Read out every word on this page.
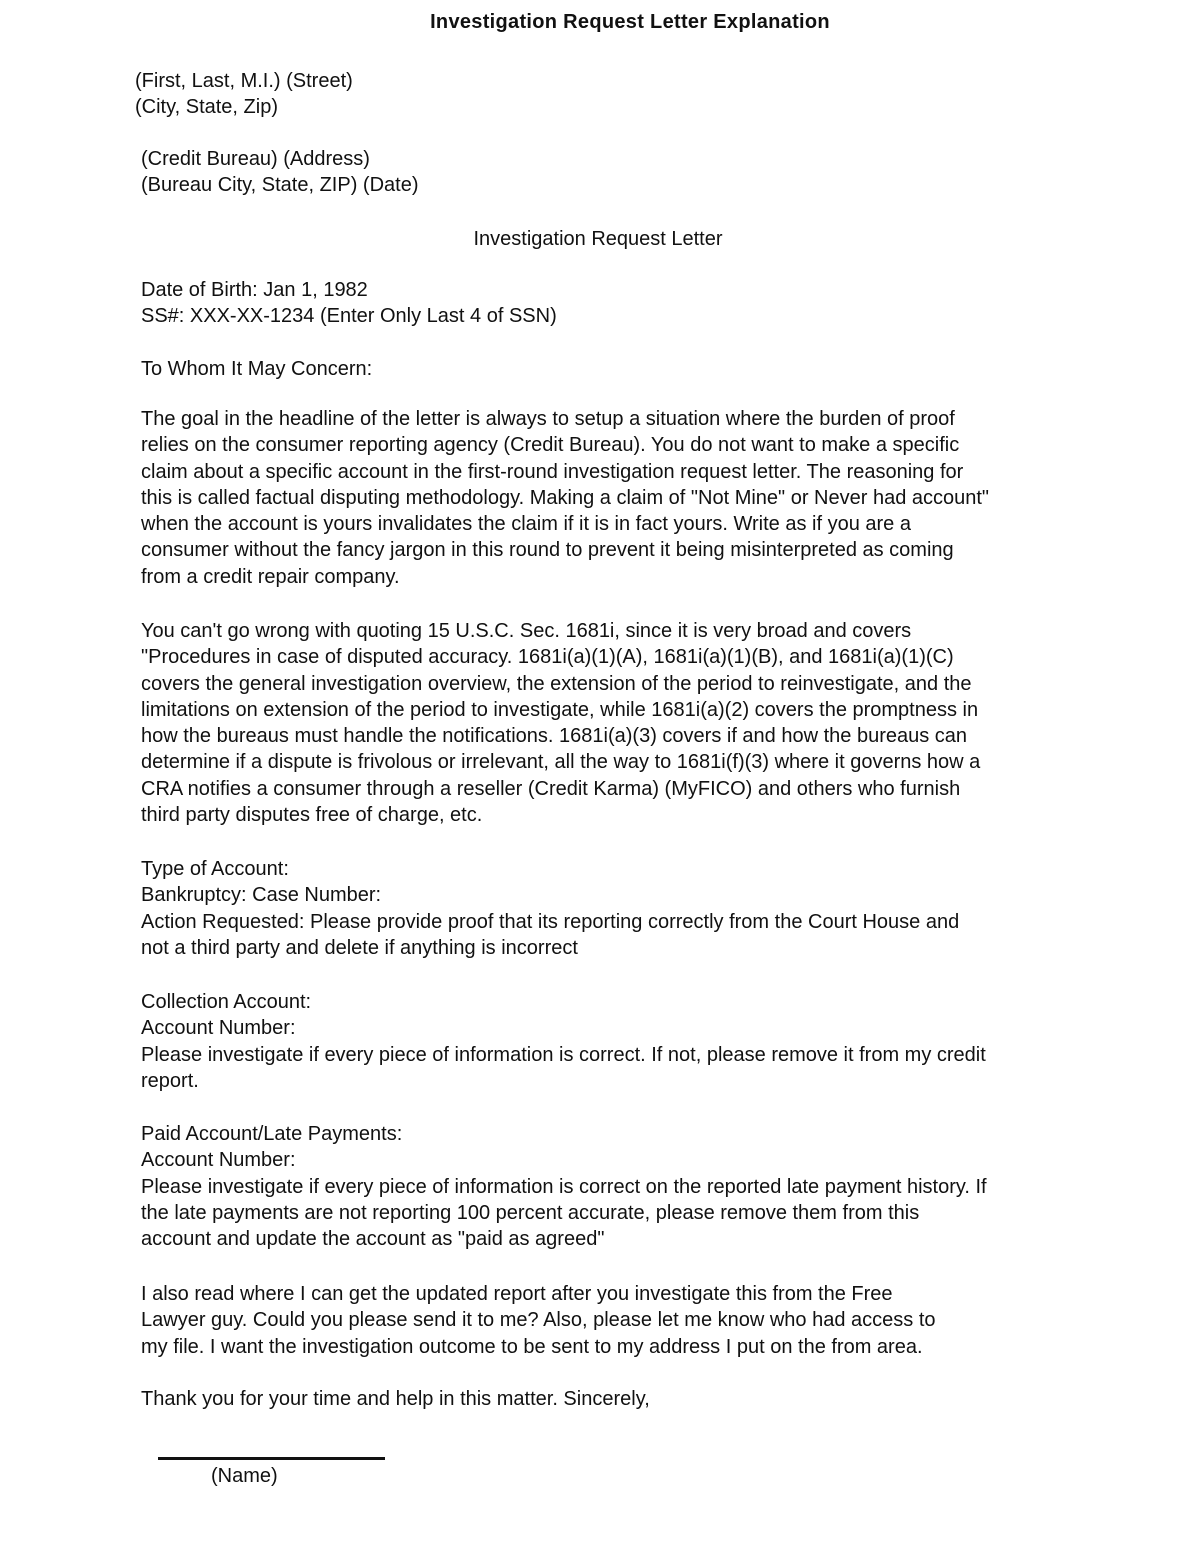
Investigation Request Letter Explanation
(First, Last, M.I.) (Street)
(City, State, Zip)
(Credit Bureau) (Address)
(Bureau City, State, ZIP) (Date)
Investigation Request Letter
Date of Birth: Jan 1, 1982
SS#: XXX-XX-1234 (Enter Only Last 4 of SSN)
To Whom It May Concern:
The goal in the headline of the letter is always to setup a situation where the burden of proof
relies on the consumer reporting agency (Credit Bureau). You do not want to make a specific
claim about a specific account in the first-round investigation request letter. The reasoning for
this is called factual disputing methodology. Making a claim of "Not Mine" or Never had account"
when the account is yours invalidates the claim if it is in fact yours. Write as if you are a
consumer without the fancy jargon in this round to prevent it being misinterpreted as coming
from a credit repair company.
You can't go wrong with quoting 15 U.S.C. Sec. 1681i, since it is very broad and covers
"Procedures in case of disputed accuracy. 1681i(a)(1)(A), 1681i(a)(1)(B), and 1681i(a)(1)(C)
covers the general investigation overview, the extension of the period to reinvestigate, and the
limitations on extension of the period to investigate, while 1681i(a)(2) covers the promptness in
how the bureaus must handle the notifications. 1681i(a)(3) covers if and how the bureaus can
determine if a dispute is frivolous or irrelevant, all the way to 1681i(f)(3) where it governs how a
CRA notifies a consumer through a reseller (Credit Karma) (MyFICO) and others who furnish
third party disputes free of charge, etc.
Type of Account:
Bankruptcy: Case Number:
Action Requested: Please provide proof that its reporting correctly from the Court House and
not a third party and delete if anything is incorrect
Collection Account:
Account Number:
Please investigate if every piece of information is correct. If not, please remove it from my credit
report.
Paid Account/Late Payments:
Account Number:
Please investigate if every piece of information is correct on the reported late payment history. If
the late payments are not reporting 100 percent accurate, please remove them from this
account and update the account as "paid as agreed"
I also read where I can get the updated report after you investigate this from the Free
Lawyer guy. Could you please send it to me? Also, please let me know who had access to
my file. I want the investigation outcome to be sent to my address I put on the from area.
Thank you for your time and help in this matter. Sincerely,
(Name)
